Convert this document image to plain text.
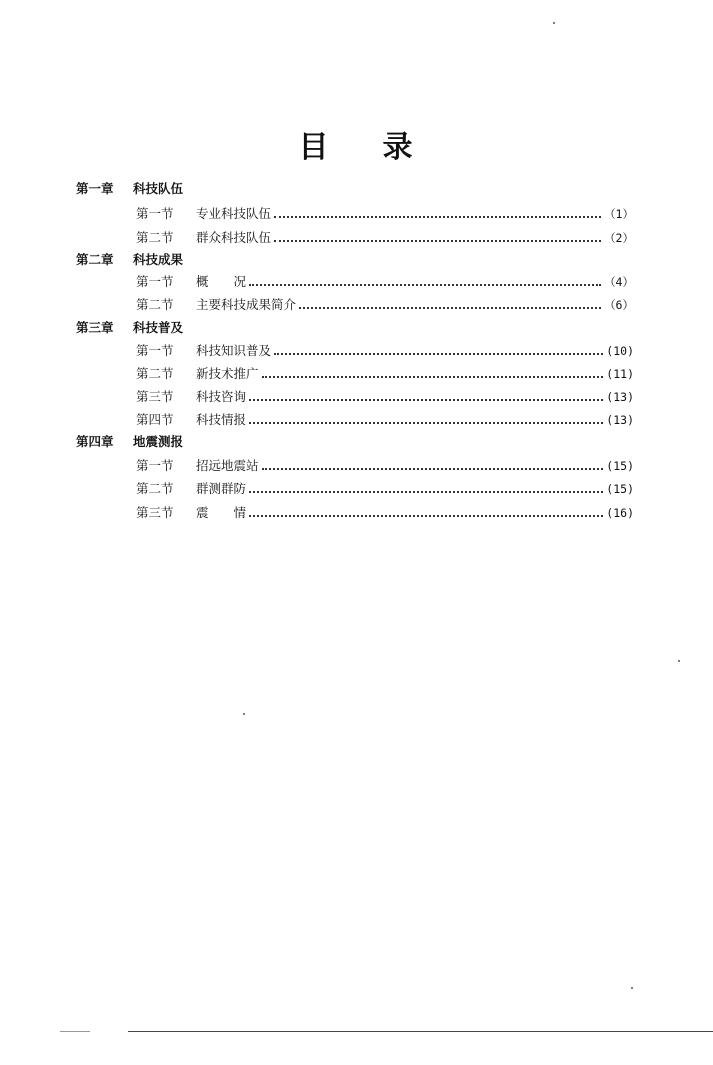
目 录
第一章 科技队伍
第一节	专业科技队伍	（1）
第二节	群众科技队伍	（2）
第二章 科技成果
第一节	概　　况	（4）
第二节	主要科技成果简介	（6）
第三章 科技普及
第一节	科技知识普及	(10)
第二节	新技术推广	(11)
第三节	科技咨询	(13)
第四节	科技情报	(13)
第四章 地震测报
第一节	招远地震站	(15)
第二节	群测群防	(15)
第三节	震　　情	(16)
